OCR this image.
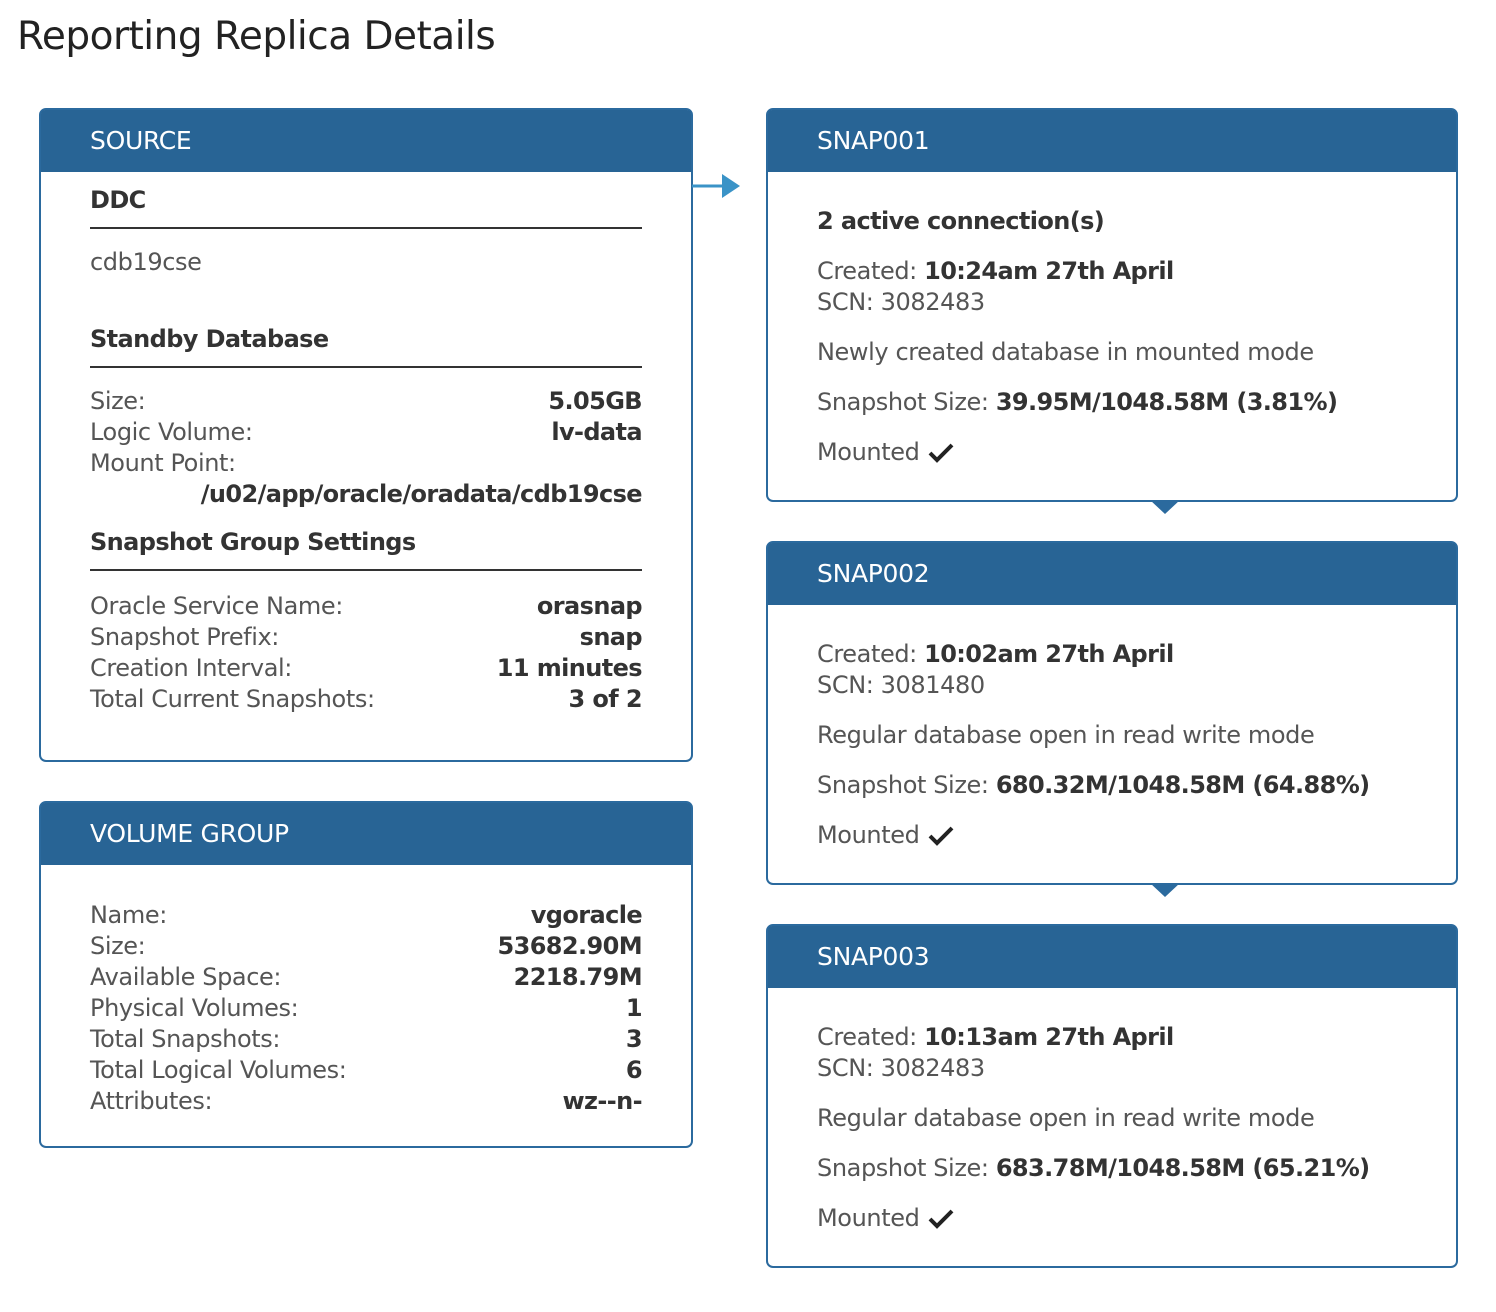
Reporting Replica Details
SOURCE
DDC
cdb19cse
Standby Database
Size:	5.05GB
Logic Volume:	lv-data
Mount Point:
/u02/app/oracle/oradata/cdb19cse
Snapshot Group Settings
Oracle Service Name:	orasnap
Snapshot Prefix:	snap
Creation Interval:	11 minutes
Total Current Snapshots:	3 of 2
VOLUME GROUP
Name:	vgoracle
Size:	53682.90M
Available Space:	2218.79M
Physical Volumes:	1
Total Snapshots:	3
Total Logical Volumes:	6
Attributes:	wz--n-
SNAP001
2 active connection(s)
Created: 10:24am 27th April
SCN: 3082483
Newly created database in mounted mode
Snapshot Size: 39.95M/1048.58M (3.81%)
Mounted
SNAP002
Created: 10:02am 27th April
SCN: 3081480
Regular database open in read write mode
Snapshot Size: 680.32M/1048.58M (64.88%)
Mounted
SNAP003
Created: 10:13am 27th April
SCN: 3082483
Regular database open in read write mode
Snapshot Size: 683.78M/1048.58M (65.21%)
Mounted
